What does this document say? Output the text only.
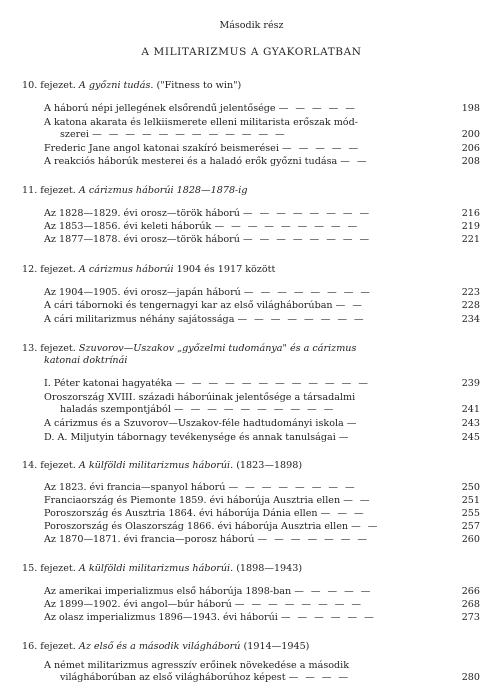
Második rész
A MILITARIZMUS A GYAKORLATBAN
10. fejezet. A győzni tudás. ("Fitness to win")
A háború népi jellegének elsőrendű jelentősége — — — — —	198
A katona akarata és lelkiismerete elleni militarista erőszak mód-
szerei — — — — — — — — — — — —	200
Frederic Jane angol katonai szakíró beismerései — — — — —	206
A reakciós háborúk mesterei és a haladó erők győzni tudása — —	208
11. fejezet. A cárizmus háborúi 1828—1878-ig
Az 1828—1829. évi orosz—török háború — — — — — — — —	216
Az 1853—1856. évi keleti háborúk — — — — — — — — —	219
Az 1877—1878. évi orosz—török háború — — — — — — — —	221
12. fejezet. A cárizmus háborúi 1904 és 1917 között
Az 1904—1905. évi orosz—japán háború — — — — — — — —	223
A cári tábornoki és tengernagyi kar az első világháborúban — —	228
A cári militarizmus néhány sajátossága — — — — — — — —	234
13. fejezet. Szuvorov—Uszakov „győzelmi tudománya" és a cárizmus
katonai doktrínái
I. Péter katonai hagyatéka — — — — — — — — — — — —	239
Oroszország XVIII. századi háborúinak jelentősége a társadalmi
haladás szempontjából — — — — — — — — — —	241
A cárizmus és a Szuvorov—Uszakov-féle hadtudományi iskola —	243
D. A. Miljutyin tábornagy tevékenysége és annak tanulságai —	245
14. fejezet. A külföldi militarizmus háborúi. (1823—1898)
Az 1823. évi francia—spanyol háború — — — — — — — —	250
Franciaország és Piemonte 1859. évi háborúja Ausztria ellen — —	251
Poroszország és Ausztria 1864. évi háborúja Dánia ellen — — —	255
Poroszország és Olaszország 1866. évi háborúja Ausztria ellen — —	257
Az 1870—1871. évi francia—porosz háború — — — — — — —	260
15. fejezet. A külföldi militarizmus háborúi. (1898—1943)
Az amerikai imperializmus első háborúja 1898-ban — — — — —	266
Az 1899—1902. évi angol—búr háború — — — — — — — —	268
Az olasz imperializmus 1896—1943. évi háborúi — — — — — —	273
16. fejezet. Az első és a második világháború (1914—1945)
A német militarizmus agresszív erőinek növekedése a második
világháborúban az első világháborúhoz képest — — — —	280
